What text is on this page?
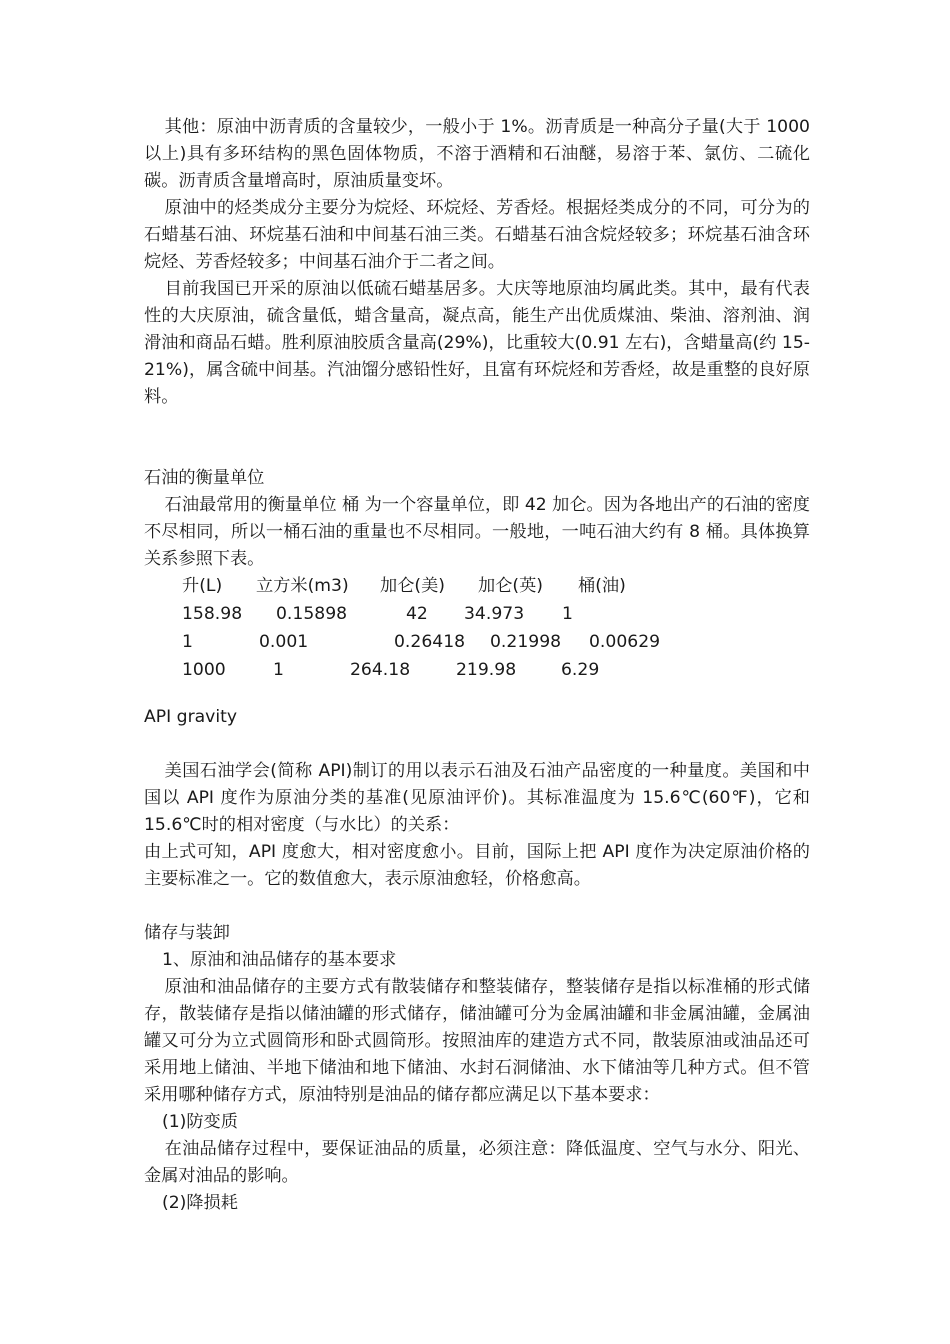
其他：原油中沥青质的含量较少，一般小于 1%。沥青质是一种高分子量(大于 1000 以上)具有多环结构的黑色固体物质，不溶于酒精和石油醚，易溶于苯、氯仿、二硫化碳。沥青质含量增高时，原油质量变坏。

原油中的烃类成分主要分为烷烃、环烷烃、芳香烃。根据烃类成分的不同，可分为的石蜡基石油、环烷基石油和中间基石油三类。石蜡基石油含烷烃较多；环烷基石油含环烷烃、芳香烃较多；中间基石油介于二者之间。

目前我国已开采的原油以低硫石蜡基居多。大庆等地原油均属此类。其中，最有代表性的大庆原油，硫含量低，蜡含量高，凝点高，能生产出优质煤油、柴油、溶剂油、润滑油和商品石蜡。胜利原油胶质含量高(29%)，比重较大(0.91 左右)，含蜡量高(约 15-21%)，属含硫中间基。汽油馏分感铅性好，且富有环烷烃和芳香烃，故是重整的良好原料。

石油的衡量单位

石油最常用的衡量单位 桶 为一个容量单位，即 42 加仑。因为各地出产的石油的密度不尽相同，所以一桶石油的重量也不尽相同。一般地，一吨石油大约有 8 桶。具体换算关系参照下表。

升(L) 立方米(m3) 加仑(美) 加仑(英) 桶(油)
158.98 0.15898	42 34.973 1
1	0.001	0.26418 0.21998 0.00629
1000	1	264.18	219.98	6.29

API gravity

美国石油学会(简称 API)制订的用以表示石油及石油产品密度的一种量度。美国和中国以 API 度作为原油分类的基准(见原油评价)。其标准温度为 15.6℃(60℉)，它和 15.6℃时的相对密度（与水比）的关系：

由上式可知，API 度愈大，相对密度愈小。目前，国际上把 API 度作为决定原油价格的主要标准之一。它的数值愈大，表示原油愈轻，价格愈高。

储存与装卸

1、原油和油品储存的基本要求

原油和油品储存的主要方式有散装储存和整装储存，整装储存是指以标准桶的形式储存，散装储存是指以储油罐的形式储存，储油罐可分为金属油罐和非金属油罐，金属油罐又可分为立式圆筒形和卧式圆筒形。按照油库的建造方式不同，散装原油或油品还可采用地上储油、半地下储油和地下储油、水封石洞储油、水下储油等几种方式。但不管采用哪种储存方式，原油特别是油品的储存都应满足以下基本要求：

(1)防变质

在油品储存过程中，要保证油品的质量，必须注意：降低温度、空气与水分、阳光、金属对油品的影响。

(2)降损耗
